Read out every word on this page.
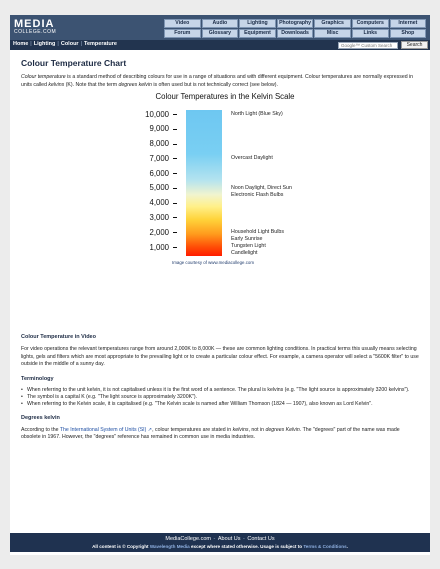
MEDIA
COLLEGE.COM
Video	Audio	Lighting	Photography	Graphics	Computers	Internet
Forum	Glossary	Equipment	Downloads	Misc	Links	Shop
Home | Lighting | Colour | Temperature
Google™ Custom Search	Search
Colour Temperature Chart

Colour temperature is a standard method of describing colours for use in a range of situations and with different equipment. Colour temperatures are normally expressed in units called kelvins (K). Note that the term degrees kelvin is often used but is not technically correct (see below).

Colour Temperatures in the Kelvin Scale
Image courtesy of www.mediacollege.com
10,000
9,000
8,000
7,000
6,000
5,000
4,000
3,000
2,000
1,000
North Light (Blue Sky)
Overcast Daylight
Noon Daylight, Direct Sun
Electronic Flash Bulbs
Household Light Bulbs
Early Sunrise
Tungsten Light
Candlelight
Colour Temperature in Video

For video operations the relevant temperatures range from around 2,000K to 8,000K — these are common lighting conditions. In practical terms this usually means selecting lights, gels and filters which are most appropriate to the prevailing light or to create a particular colour effect. For example, a camera operator will select a "5600K filter" to use outside in the middle of a sunny day.

Terminology
• When referring to the unit kelvin, it is not capitalised unless it is the first word of a sentence. The plural is kelvins (e.g. "The light source is approximately 3200 kelvins").
• The symbol is a capital K (e.g. "The light source is approximately 3200K").
• When referring to the Kelvin scale, it is capitalised (e.g. "The Kelvin scale is named after William Thomson (1824 — 1907), also known as Lord Kelvin".
Degrees kelvin

According to the The International System of Units (SI) ↗, colour temperatures are stated in kelvins, not in degrees Kelvin. The "degrees" part of the name was made obsolete in 1967. However, the "degrees" reference has remained in common use in media industries.

MediaCollege.com - About Us - Contact Us
All content is © Copyright Wavelength Media except where stated otherwise. Usage is subject to Terms & Conditions.
